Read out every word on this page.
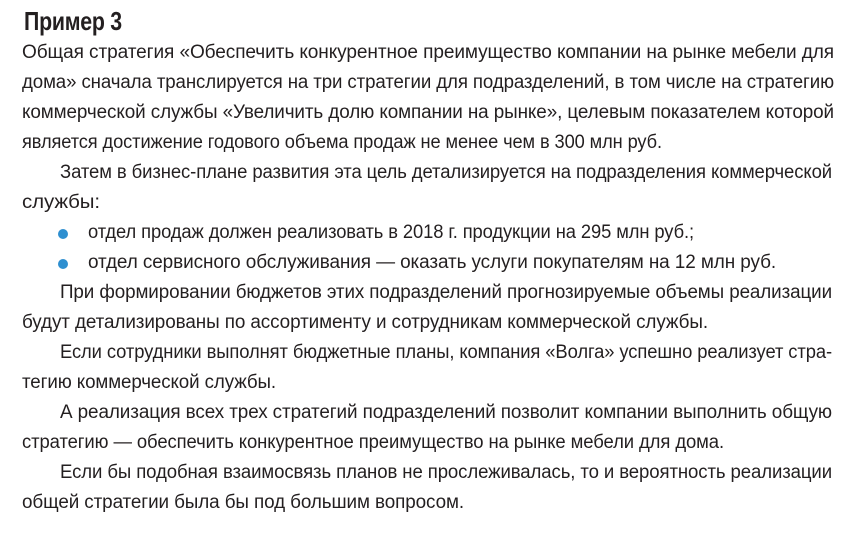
Пример 3
Общая стратегия «Обеспечить конкурентное преимущество компании на рынке мебели для
дома» сначала транслируется на три стратегии для подразделений, в том числе на стратегию
коммерческой службы «Увеличить долю компании на рынке», целевым показателем которой
является достижение годового объема продаж не менее чем в 300 млн руб.
Затем в бизнес-плане развития эта цель детализируется на подразделения коммерческой
службы:
отдел продаж должен реализовать в 2018 г. продукции на 295 млн руб.;
отдел сервисного обслуживания — оказать услуги покупателям на 12 млн руб.
При формировании бюджетов этих подразделений прогнозируемые объемы реализации
будут детализированы по ассортименту и сотрудникам коммерческой службы.
Если сотрудники выполнят бюджетные планы, компания «Волга» успешно реализует стра-
тегию коммерческой службы.
А реализация всех трех стратегий подразделений позволит компании выполнить общую
стратегию — обеспечить конкурентное преимущество на рынке мебели для дома.
Если бы подобная взаимосвязь планов не прослеживалась, то и вероятность реализации
общей стратегии была бы под большим вопросом.
